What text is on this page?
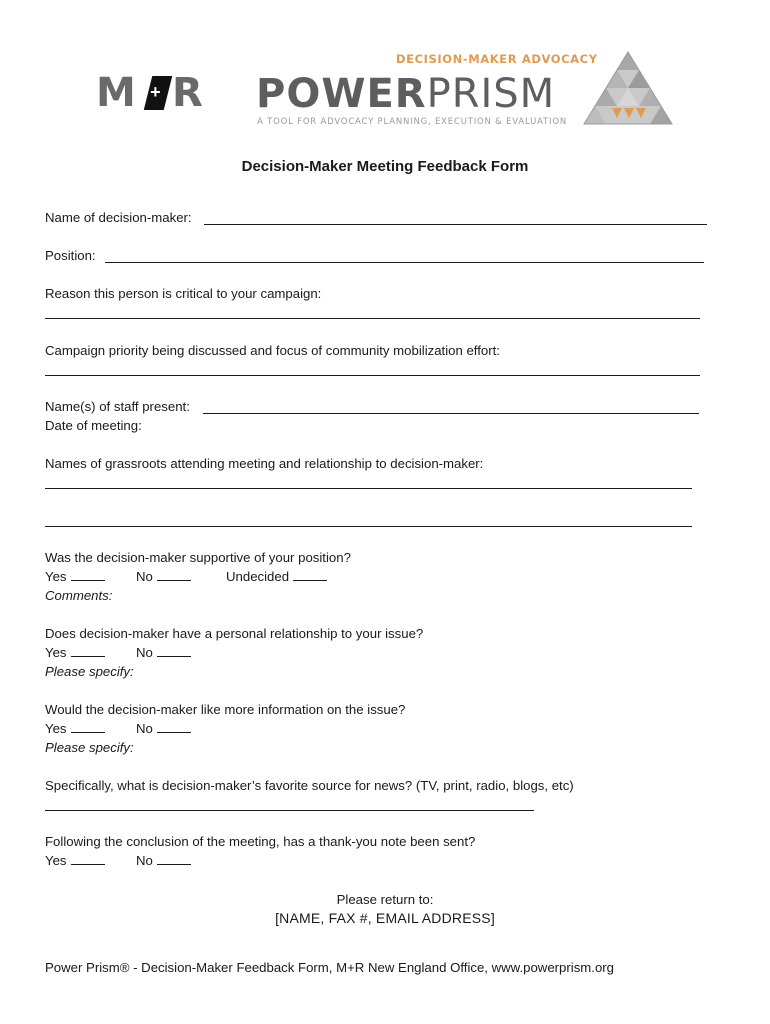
M + R
DECISION-MAKER ADVOCACY
POWERPRISM
A TOOL FOR ADVOCACY PLANNING, EXECUTION & EVALUATION
Decision-Maker Meeting Feedback Form
Name of decision-maker:
Position:
Reason this person is critical to your campaign:
Campaign priority being discussed and focus of community mobilization effort:
Name(s) of staff present:
Date of meeting:
Names of grassroots attending meeting and relationship to decision-maker:
Was the decision-maker supportive of your position?
Yes	No	Undecided
Comments:
Does decision-maker have a personal relationship to your issue?
Yes	No
Please specify:
Would the decision-maker like more information on the issue?
Yes	No
Please specify:
Specifically, what is decision-maker’s favorite source for news? (TV, print, radio, blogs, etc)
Following the conclusion of the meeting, has a thank-you note been sent?
Yes	No
Please return to:
[NAME, FAX #, EMAIL ADDRESS]
Power Prism® - Decision-Maker Feedback Form, M+R New England Office, www.powerprism.org
